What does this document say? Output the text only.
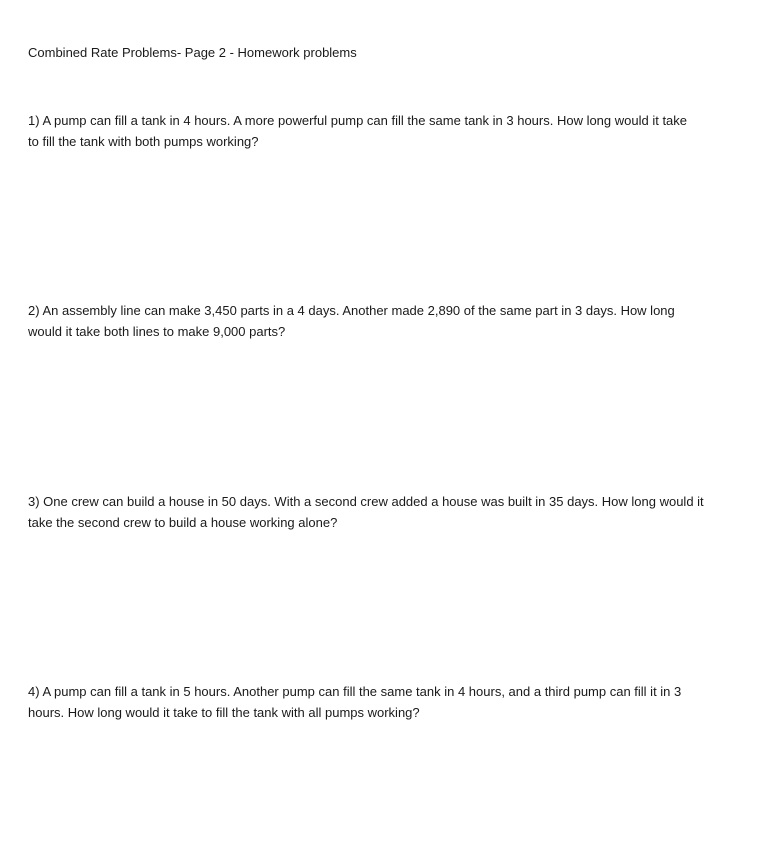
Combined Rate Problems- Page 2 - Homework problems
1) A pump can fill a tank in 4 hours. A more powerful pump can fill the same tank in 3 hours. How long would it take
to fill the tank with both pumps working?
2) An assembly line can make 3,450 parts in a 4 days. Another made 2,890 of the same part in 3 days. How long
would it take both lines to make 9,000 parts?
3) One crew can build a house in 50 days. With a second crew added a house was built in 35 days. How long would it
take the second crew to build a house working alone?
4) A pump can fill a tank in 5 hours. Another pump can fill the same tank in 4 hours, and a third pump can fill it in 3
hours. How long would it take to fill the tank with all pumps working?
